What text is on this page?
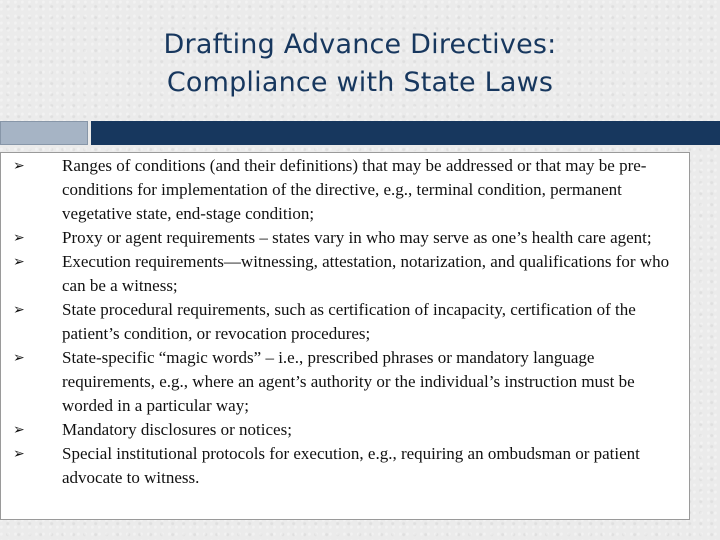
Drafting Advance Directives:
Compliance with State Laws
➢ Ranges of conditions (and their definitions) that may be addressed or that may be pre-conditions for implementation of the directive, e.g., terminal condition, permanent vegetative state, end-stage condition;
➢ Proxy or agent requirements – states vary in who may serve as one’s health care agent;
➢ Execution requirements—witnessing, attestation, notarization, and qualifications for who can be a witness;
➢ State procedural requirements, such as certification of incapacity, certification of the patient’s condition, or revocation procedures;
➢ State-specific “magic words” – i.e., prescribed phrases or mandatory language requirements, e.g., where an agent’s authority or the individual’s instruction must be worded in a particular way;
➢ Mandatory disclosures or notices;
➢ Special institutional protocols for execution, e.g., requiring an ombudsman or patient advocate to witness.
